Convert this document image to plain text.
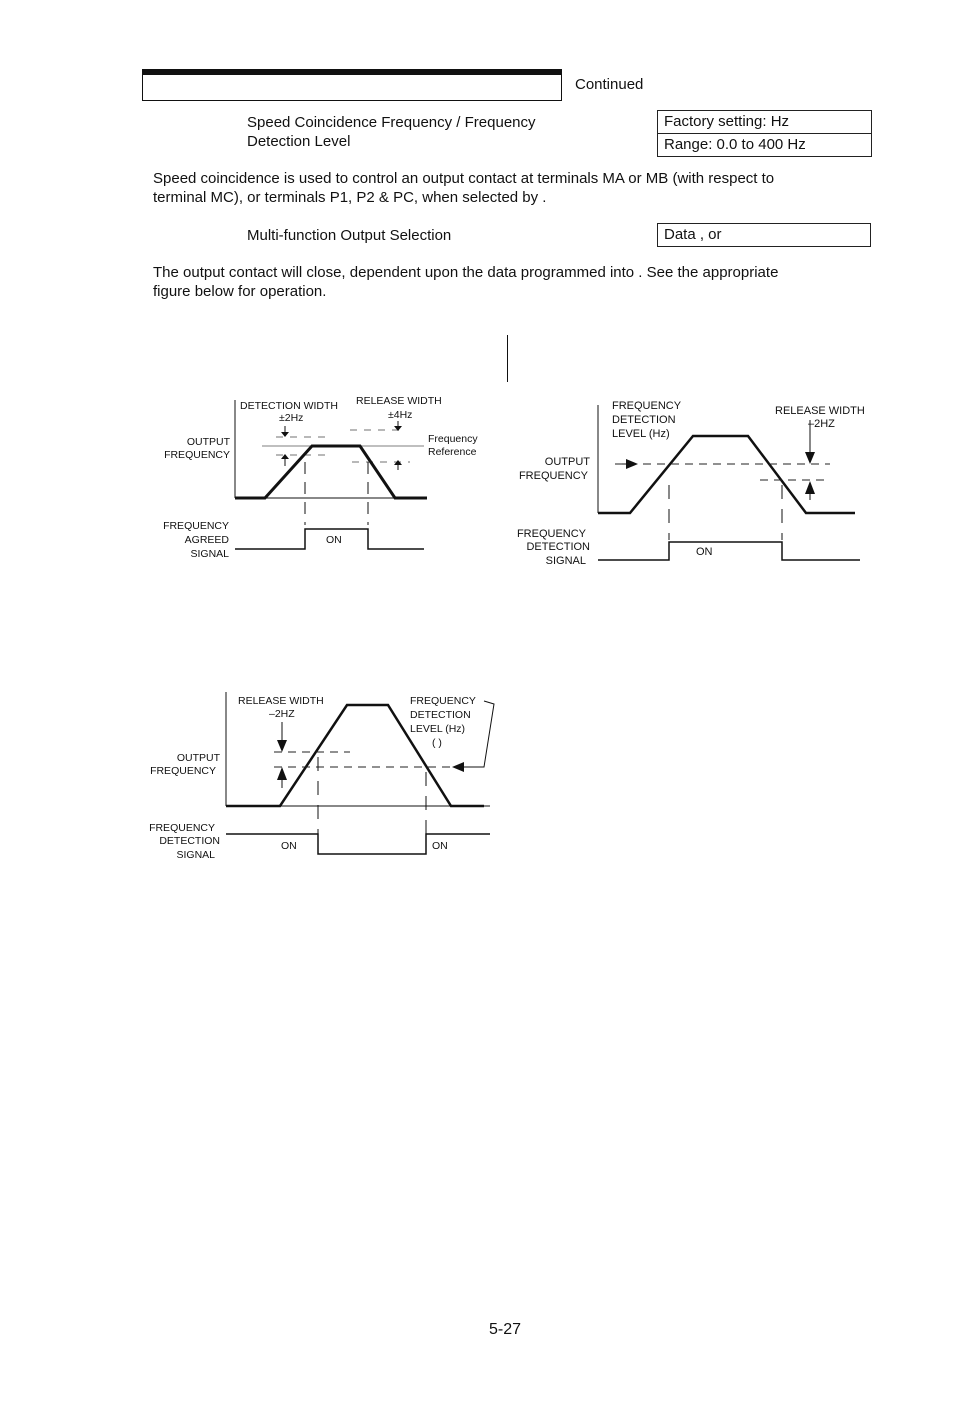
Continued
Speed Coincidence Frequency / Frequency
Detection Level
Factory setting: Hz
Range: 0.0 to 400 Hz
Speed coincidence is used to control an output contact at terminals MA or MB (with respect to
terminal MC), or terminals P1, P2 & PC, when selected by .
Multi-function Output Selection	Data , or
The output contact will close, dependent upon the data programmed into . See the appropriate
figure below for operation.
DETECTION WIDTH
±2Hz
RELEASE WIDTH
±4Hz
OUTPUT
FREQUENCY
Frequency
Reference
FREQUENCY
AGREED
SIGNAL
ON
FREQUENCY
DETECTION
LEVEL (Hz)
RELEASE WIDTH
–2HZ
OUTPUT
FREQUENCY
FREQUENCY
DETECTION
SIGNAL
ON
RELEASE WIDTH
–2HZ
FREQUENCY
DETECTION
LEVEL (Hz)
( )
OUTPUT
FREQUENCY
FREQUENCY
DETECTION
SIGNAL
ON	ON
5-27
